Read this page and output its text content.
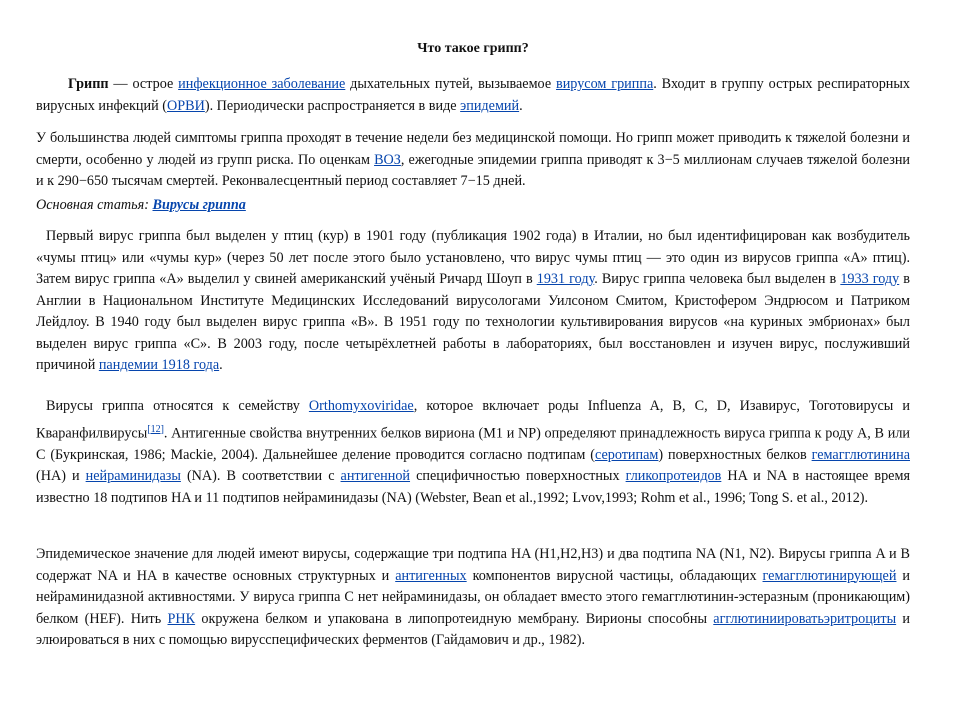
Что такое грипп?

Грипп — острое инфекционное заболевание дыхательных путей, вызываемое вирусом гриппа. Входит в группу острых респираторных вирусных инфекций (ОРВИ). Периодически распространяется в виде эпидемий.

У большинства людей симптомы гриппа проходят в течение недели без медицинской помощи. Но грипп может приводить к тяжелой болезни и смерти, особенно у людей из групп риска. По оценкам ВОЗ, ежегодные эпидемии гриппа приводят к 3−5 миллионам случаев тяжелой болезни и к 290−650 тысячам смертей. Реконвалесцентный период составляет 7−15 дней.

Основная статья: Вирусы гриппа

Первый вирус гриппа был выделен у птиц (кур) в 1901 году (публикация 1902 года) в Италии, но был идентифицирован как возбудитель «чумы птиц» или «чумы кур» (через 50 лет после этого было установлено, что вирус чумы птиц — это один из вирусов гриппа «А» птиц). Затем вирус гриппа «А» выделил у свиней американский учёный Ричард Шоуп в 1931 году. Вирус гриппа человека был выделен в 1933 году в Англии в Национальном Институте Медицинских Исследований вирусологами Уилсоном Смитом, Кристофером Эндрюсом и Патриком Лейдлоу. В 1940 году был выделен вирус гриппа «В». В 1951 году по технологии культивирования вирусов «на куриных эмбрионах» был выделен вирус гриппа «С». В 2003 году, после четырёхлетней работы в лабораториях, был восстановлен и изучен вирус, послуживший причиной пандемии 1918 года.

Вирусы гриппа относятся к семейству Orthomyxoviridae, которое включает роды Influenza A, B, C, D, Изавирус, Тоготовирусы и Кваранфилвирусы[12]. Антигенные свойства внутренних белков вириона (M1 и NP) определяют принадлежность вируса гриппа к роду A, B или C (Букринская, 1986; Mackie, 2004). Дальнейшее деление проводится согласно подтипам (серотипам) поверхностных белков гемагглютинина (HA) и нейраминидазы (NA). В соответствии с антигенной специфичностью поверхностных гликопротеидов HA и NA в настоящее время известно 18 подтипов HA и 11 подтипов нейраминидазы (NA) (Webster, Bean et al.,1992; Lvov,1993; Rohm et al., 1996; Tong S. et al., 2012).

Эпидемическое значение для людей имеют вирусы, содержащие три подтипа HA (H1,H2,H3) и два подтипа NA (N1, N2). Вирусы гриппа A и B содержат NA и HA в качестве основных структурных и антигенных компонентов вирусной частицы, обладающих гемагглютинирующей и нейраминидазной активностями. У вируса гриппа C нет нейраминидазы, он обладает вместо этого гемагглютинин-эстеразным (проникающим) белком (HEF). Нить РНК окружена белком и упакована в липопротеидную мембрану. Вирионы способны агглютиниироватьэритроциты и элюироваться в них с помощью вирусспецифических ферментов (Гайдамович и др., 1982).
